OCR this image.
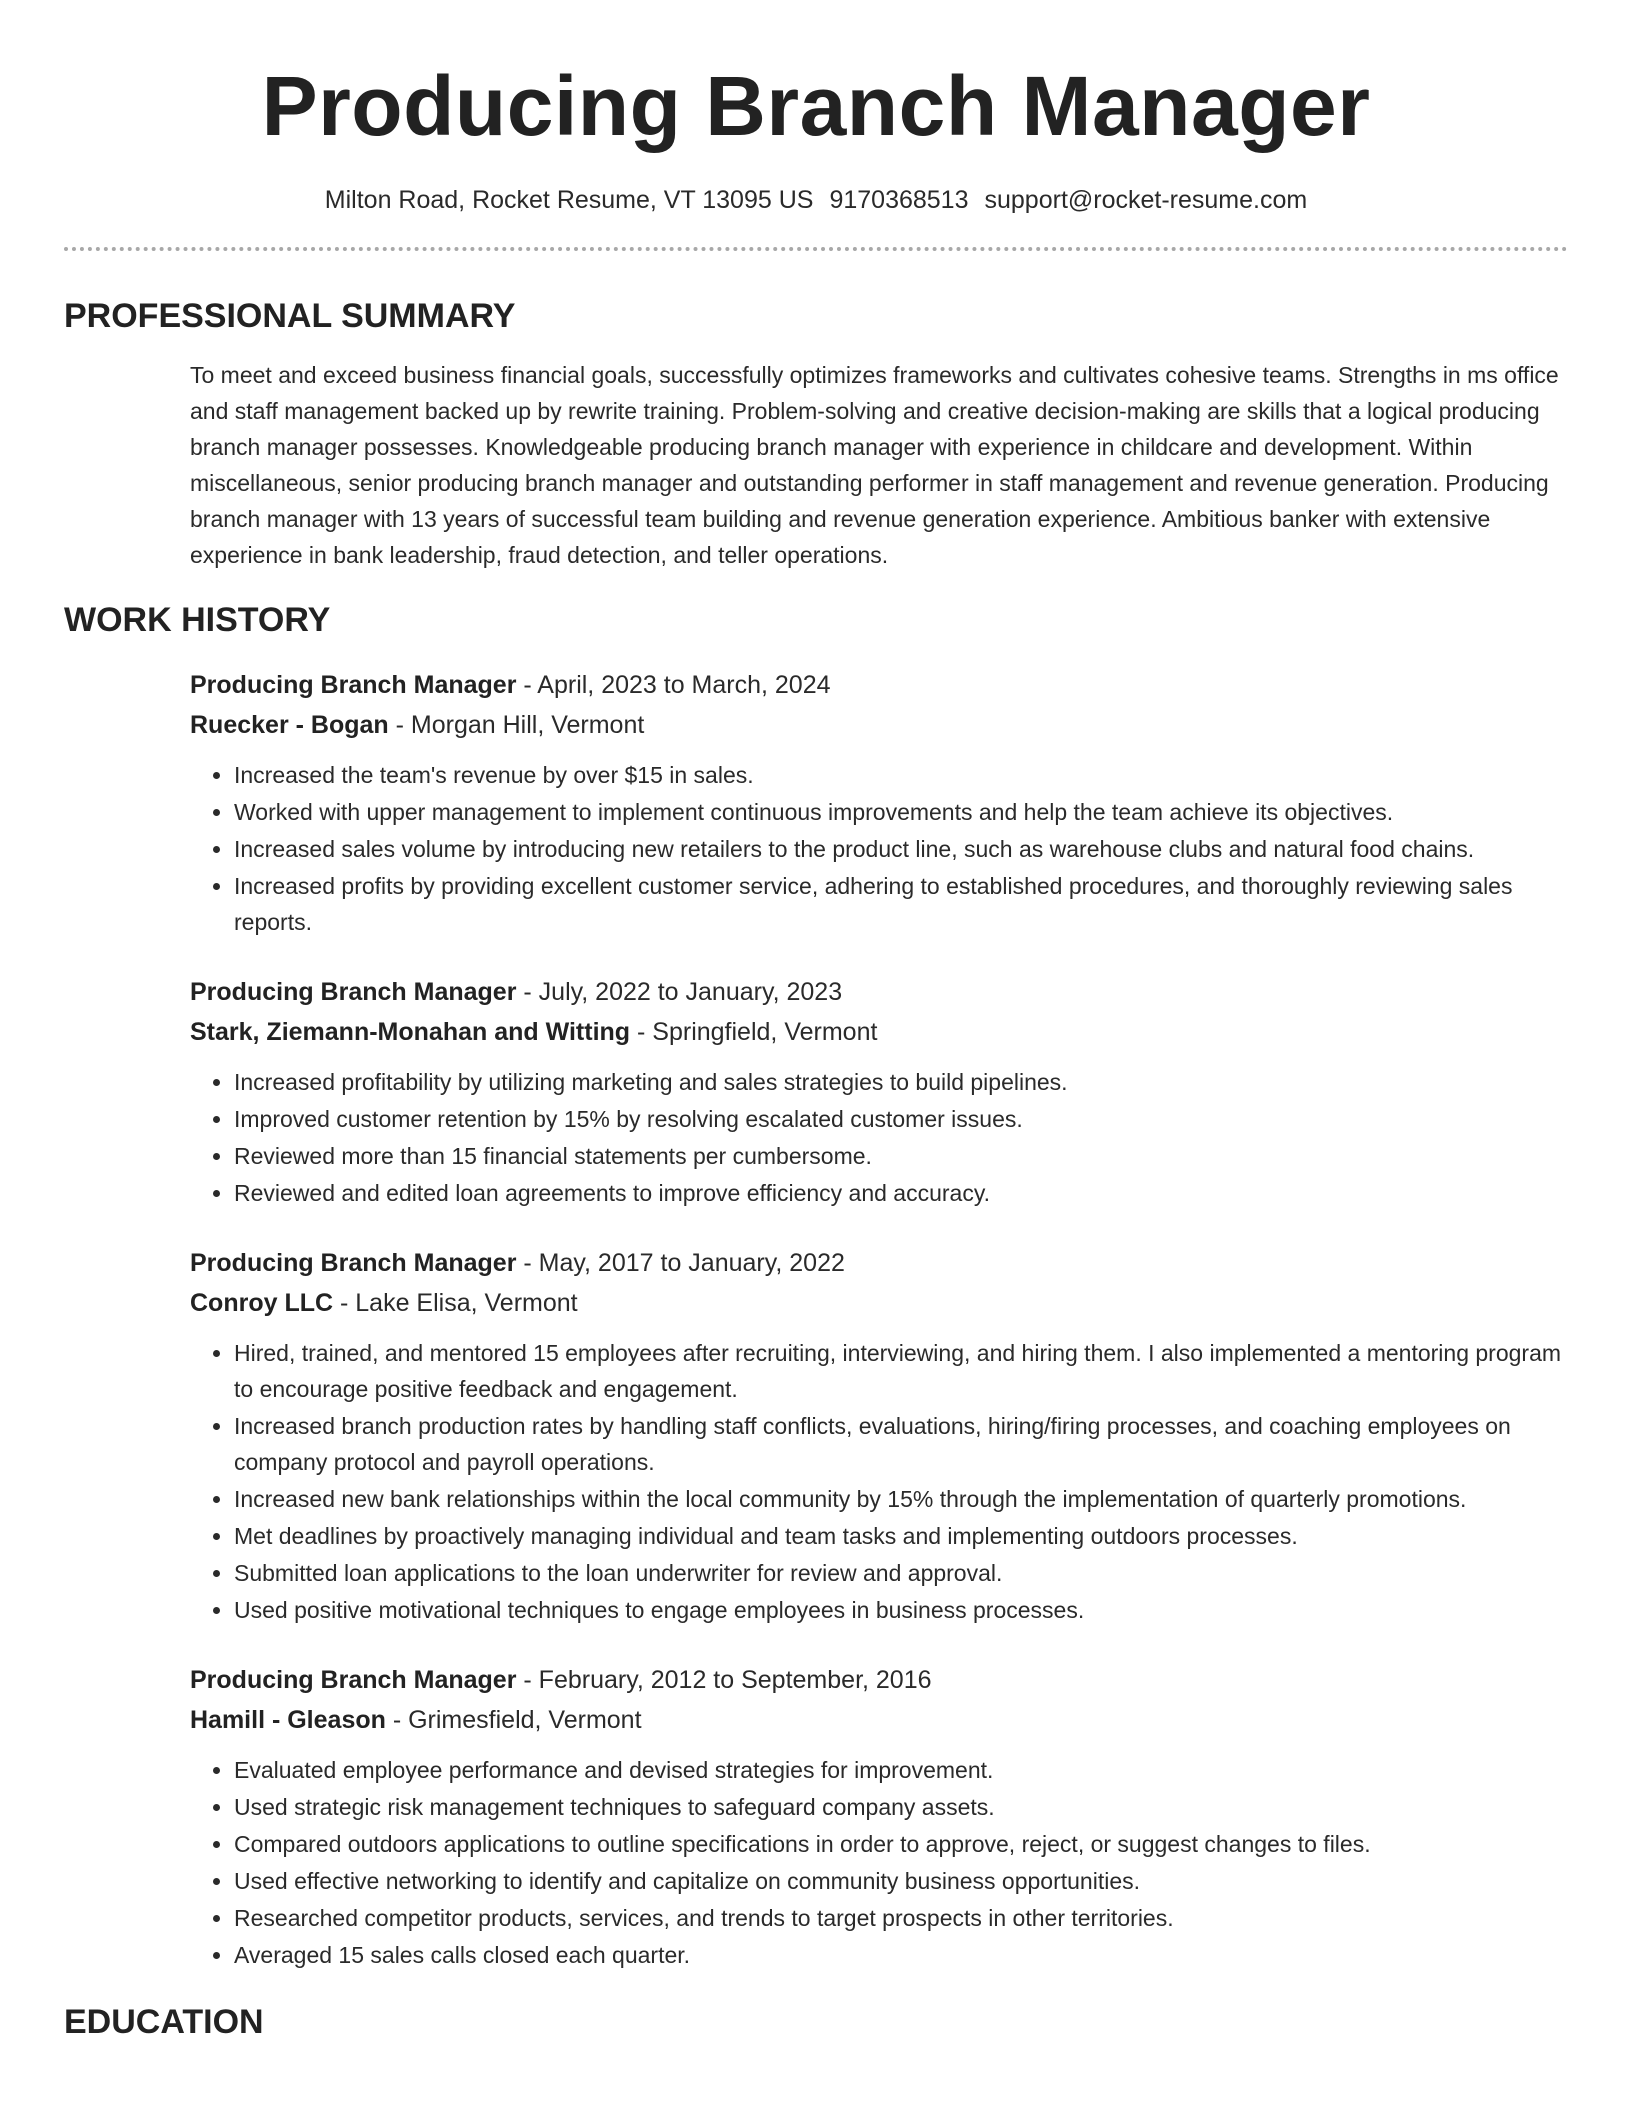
Producing Branch Manager
Milton Road, Rocket Resume, VT 13095 US 9170368513 support@rocket-resume.com
PROFESSIONAL SUMMARY

To meet and exceed business financial goals, successfully optimizes frameworks and cultivates cohesive teams. Strengths in ms office and staff management backed up by rewrite training. Problem-solving and creative decision-making are skills that a logical producing branch manager possesses. Knowledgeable producing branch manager with experience in childcare and development. Within miscellaneous, senior producing branch manager and outstanding performer in staff management and revenue generation. Producing branch manager with 13 years of successful team building and revenue generation experience. Ambitious banker with extensive experience in bank leadership, fraud detection, and teller operations.

WORK HISTORY
Producing Branch Manager - April, 2023 to March, 2024
Ruecker - Bogan - Morgan Hill, Vermont
• Increased the team's revenue by over $15 in sales.
• Worked with upper management to implement continuous improvements and help the team achieve its objectives.
• Increased sales volume by introducing new retailers to the product line, such as warehouse clubs and natural food chains.
• Increased profits by providing excellent customer service, adhering to established procedures, and thoroughly reviewing sales reports.
Producing Branch Manager - July, 2022 to January, 2023
Stark, Ziemann-Monahan and Witting - Springfield, Vermont
• Increased profitability by utilizing marketing and sales strategies to build pipelines.
• Improved customer retention by 15% by resolving escalated customer issues.
• Reviewed more than 15 financial statements per cumbersome.
• Reviewed and edited loan agreements to improve efficiency and accuracy.
Producing Branch Manager - May, 2017 to January, 2022
Conroy LLC - Lake Elisa, Vermont
• Hired, trained, and mentored 15 employees after recruiting, interviewing, and hiring them. I also implemented a mentoring program to encourage positive feedback and engagement.
• Increased branch production rates by handling staff conflicts, evaluations, hiring/firing processes, and coaching employees on company protocol and payroll operations.
• Increased new bank relationships within the local community by 15% through the implementation of quarterly promotions.
• Met deadlines by proactively managing individual and team tasks and implementing outdoors processes.
• Submitted loan applications to the loan underwriter for review and approval.
• Used positive motivational techniques to engage employees in business processes.
Producing Branch Manager - February, 2012 to September, 2016
Hamill - Gleason - Grimesfield, Vermont
• Evaluated employee performance and devised strategies for improvement.
• Used strategic risk management techniques to safeguard company assets.
• Compared outdoors applications to outline specifications in order to approve, reject, or suggest changes to files.
• Used effective networking to identify and capitalize on community business opportunities.
• Researched competitor products, services, and trends to target prospects in other territories.
• Averaged 15 sales calls closed each quarter.
EDUCATION
